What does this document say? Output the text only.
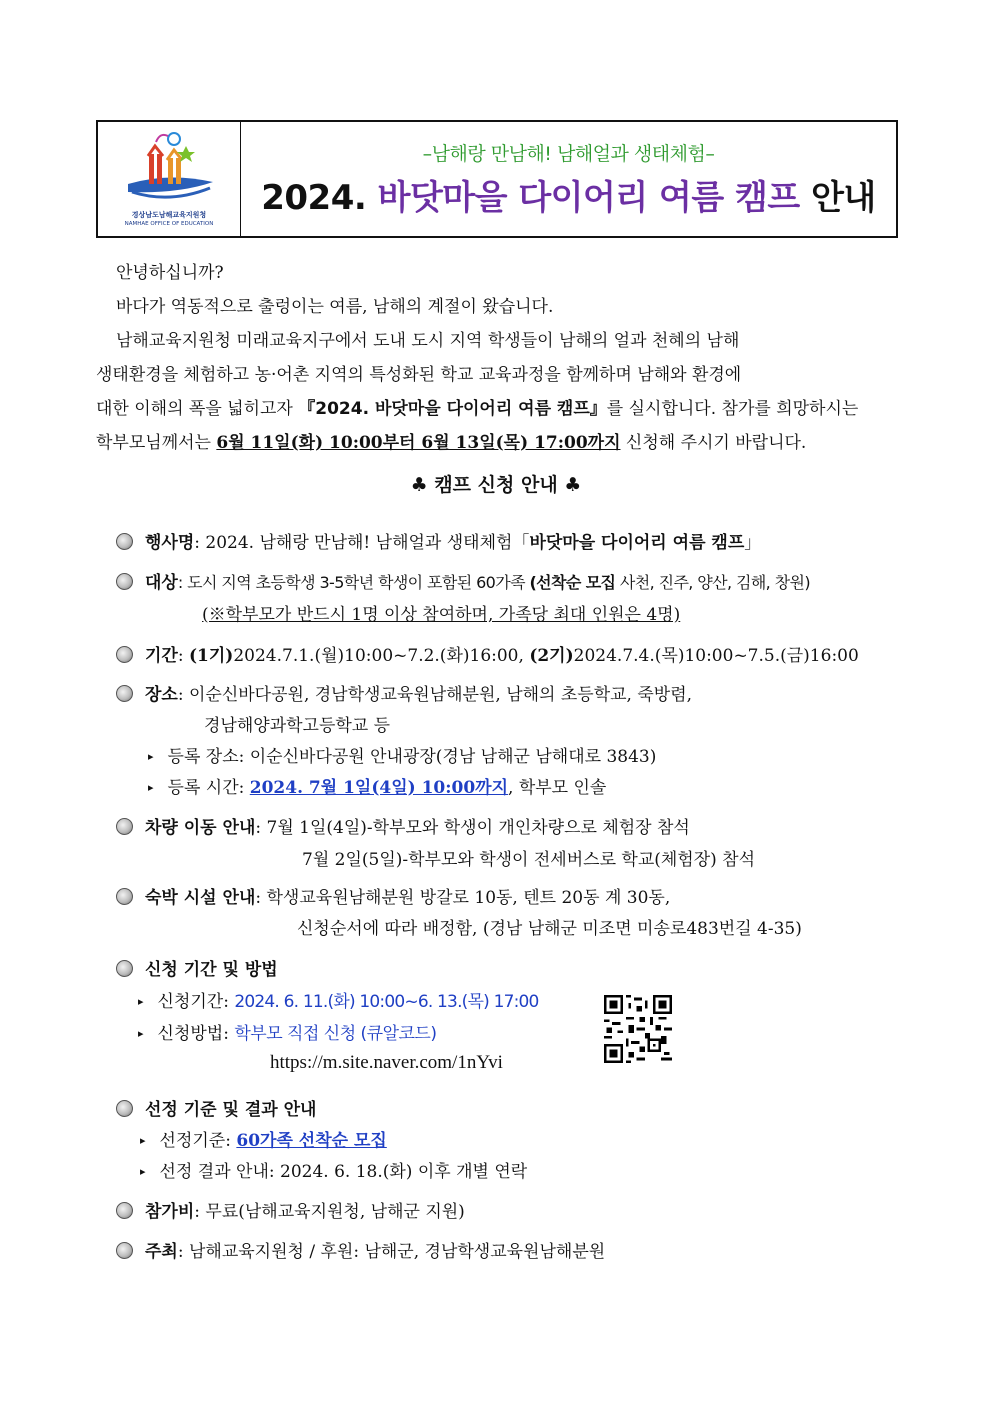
경상남도남해교육지원청
NAMHAE OFFICE OF EDUCATION
–남해랑 만남해! 남해얼과 생태체험–
2024. 바닷마을 다이어리 여름 캠프 안내
안녕하십니까?
바다가 역동적으로 출렁이는 여름, 남해의 계절이 왔습니다.
남해교육지원청 미래교육지구에서 도내 도시 지역 학생들이 남해의 얼과 천혜의 남해
생태환경을 체험하고 농·어촌 지역의 특성화된 학교 교육과정을 함께하며 남해와 환경에
대한 이해의 폭을 넓히고자 『2024. 바닷마을 다이어리 여름 캠프』를 실시합니다. 참가를 희망하시는
학부모님께서는 6월 11일(화) 10:00부터 6월 13일(목) 17:00까지 신청해 주시기 바랍니다.
♣ 캠프 신청 안내 ♣
행사명: 2024. 남해랑 만남해! 남해얼과 생태체험「바닷마을 다이어리 여름 캠프」
대상: 도시 지역 초등학생 3-5학년 학생이 포함된 60가족 (선착순 모집 사천, 진주, 양산, 김해, 창원)
(※학부모가 반드시 1명 이상 참여하며, 가족당 최대 인원은 4명)
기간: (1기)2024.7.1.(월)10:00~7.2.(화)16:00, (2기)2024.7.4.(목)10:00~7.5.(금)16:00
장소: 이순신바다공원, 경남학생교육원남해분원, 남해의 초등학교, 죽방렴,
경남해양과학고등학교 등
▸ 등록 장소: 이순신바다공원 안내광장(경남 남해군 남해대로 3843)
▸ 등록 시간: 2024. 7월 1일(4일) 10:00까지, 학부모 인솔
차량 이동 안내: 7월 1일(4일)-학부모와 학생이 개인차량으로 체험장 참석
7월 2일(5일)-학부모와 학생이 전세버스로 학교(체험장) 참석
숙박 시설 안내: 학생교육원남해분원 방갈로 10동, 텐트 20동 계 30동,
신청순서에 따라 배정함, (경남 남해군 미조면 미송로483번길 4-35)
신청 기간 및 방법
▸ 신청기간: 2024. 6. 11.(화) 10:00~6. 13.(목) 17:00
▸ 신청방법: 학부모 직접 신청 (큐알코드)
https://m.site.naver.com/1nYvi
선정 기준 및 결과 안내
▸ 선정기준: 60가족 선착순 모집
▸ 선정 결과 안내: 2024. 6. 18.(화) 이후 개별 연락
참가비: 무료(남해교육지원청, 남해군 지원)
주최: 남해교육지원청 / 후원: 남해군, 경남학생교육원남해분원
